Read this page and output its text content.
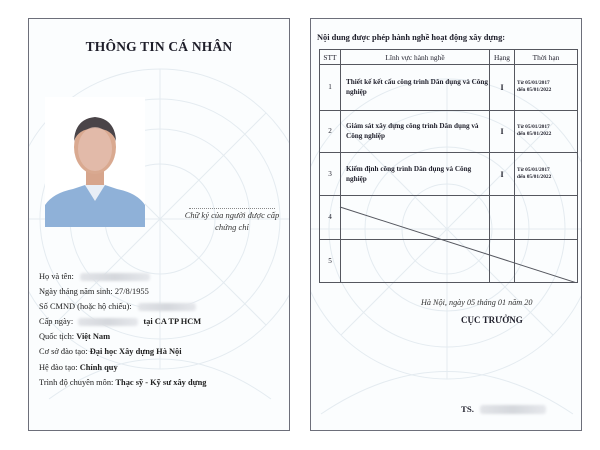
THÔNG TIN CÁ NHÂN
Chữ ký của người được cấp chứng chỉ
Họ và tên:
Ngày tháng năm sinh: 27/8/1955
Số CMND (hoặc hộ chiếu):
Cấp ngày:	tại CA TP HCM
Quốc tịch: Việt Nam
Cơ sở đào tạo: Đại học Xây dựng Hà Nội
Hệ đào tạo: Chính quy
Trình độ chuyên môn: Thạc sỹ - Kỹ sư xây dựng
Nội dung được phép hành nghề hoạt động xây dựng:
STT	Lĩnh vực hành nghề	Hạng	Thời hạn
1	Thiết kế kết cấu công trình Dân dụng và Công nghiệp	I	Từ 05/01/2017
đến 05/01/2022

2	Giám sát xây dựng công trình Dân dụng và Công nghiệp	I	Từ 05/01/2017
đến 05/01/2022

3	Kiểm định công trình Dân dụng và Công nghiệp	I	Từ 05/01/2017
đến 05/01/2022

4			
5			
Hà Nội, ngày 05 tháng 01 năm 20
CỤC TRƯỞNG
TS.
